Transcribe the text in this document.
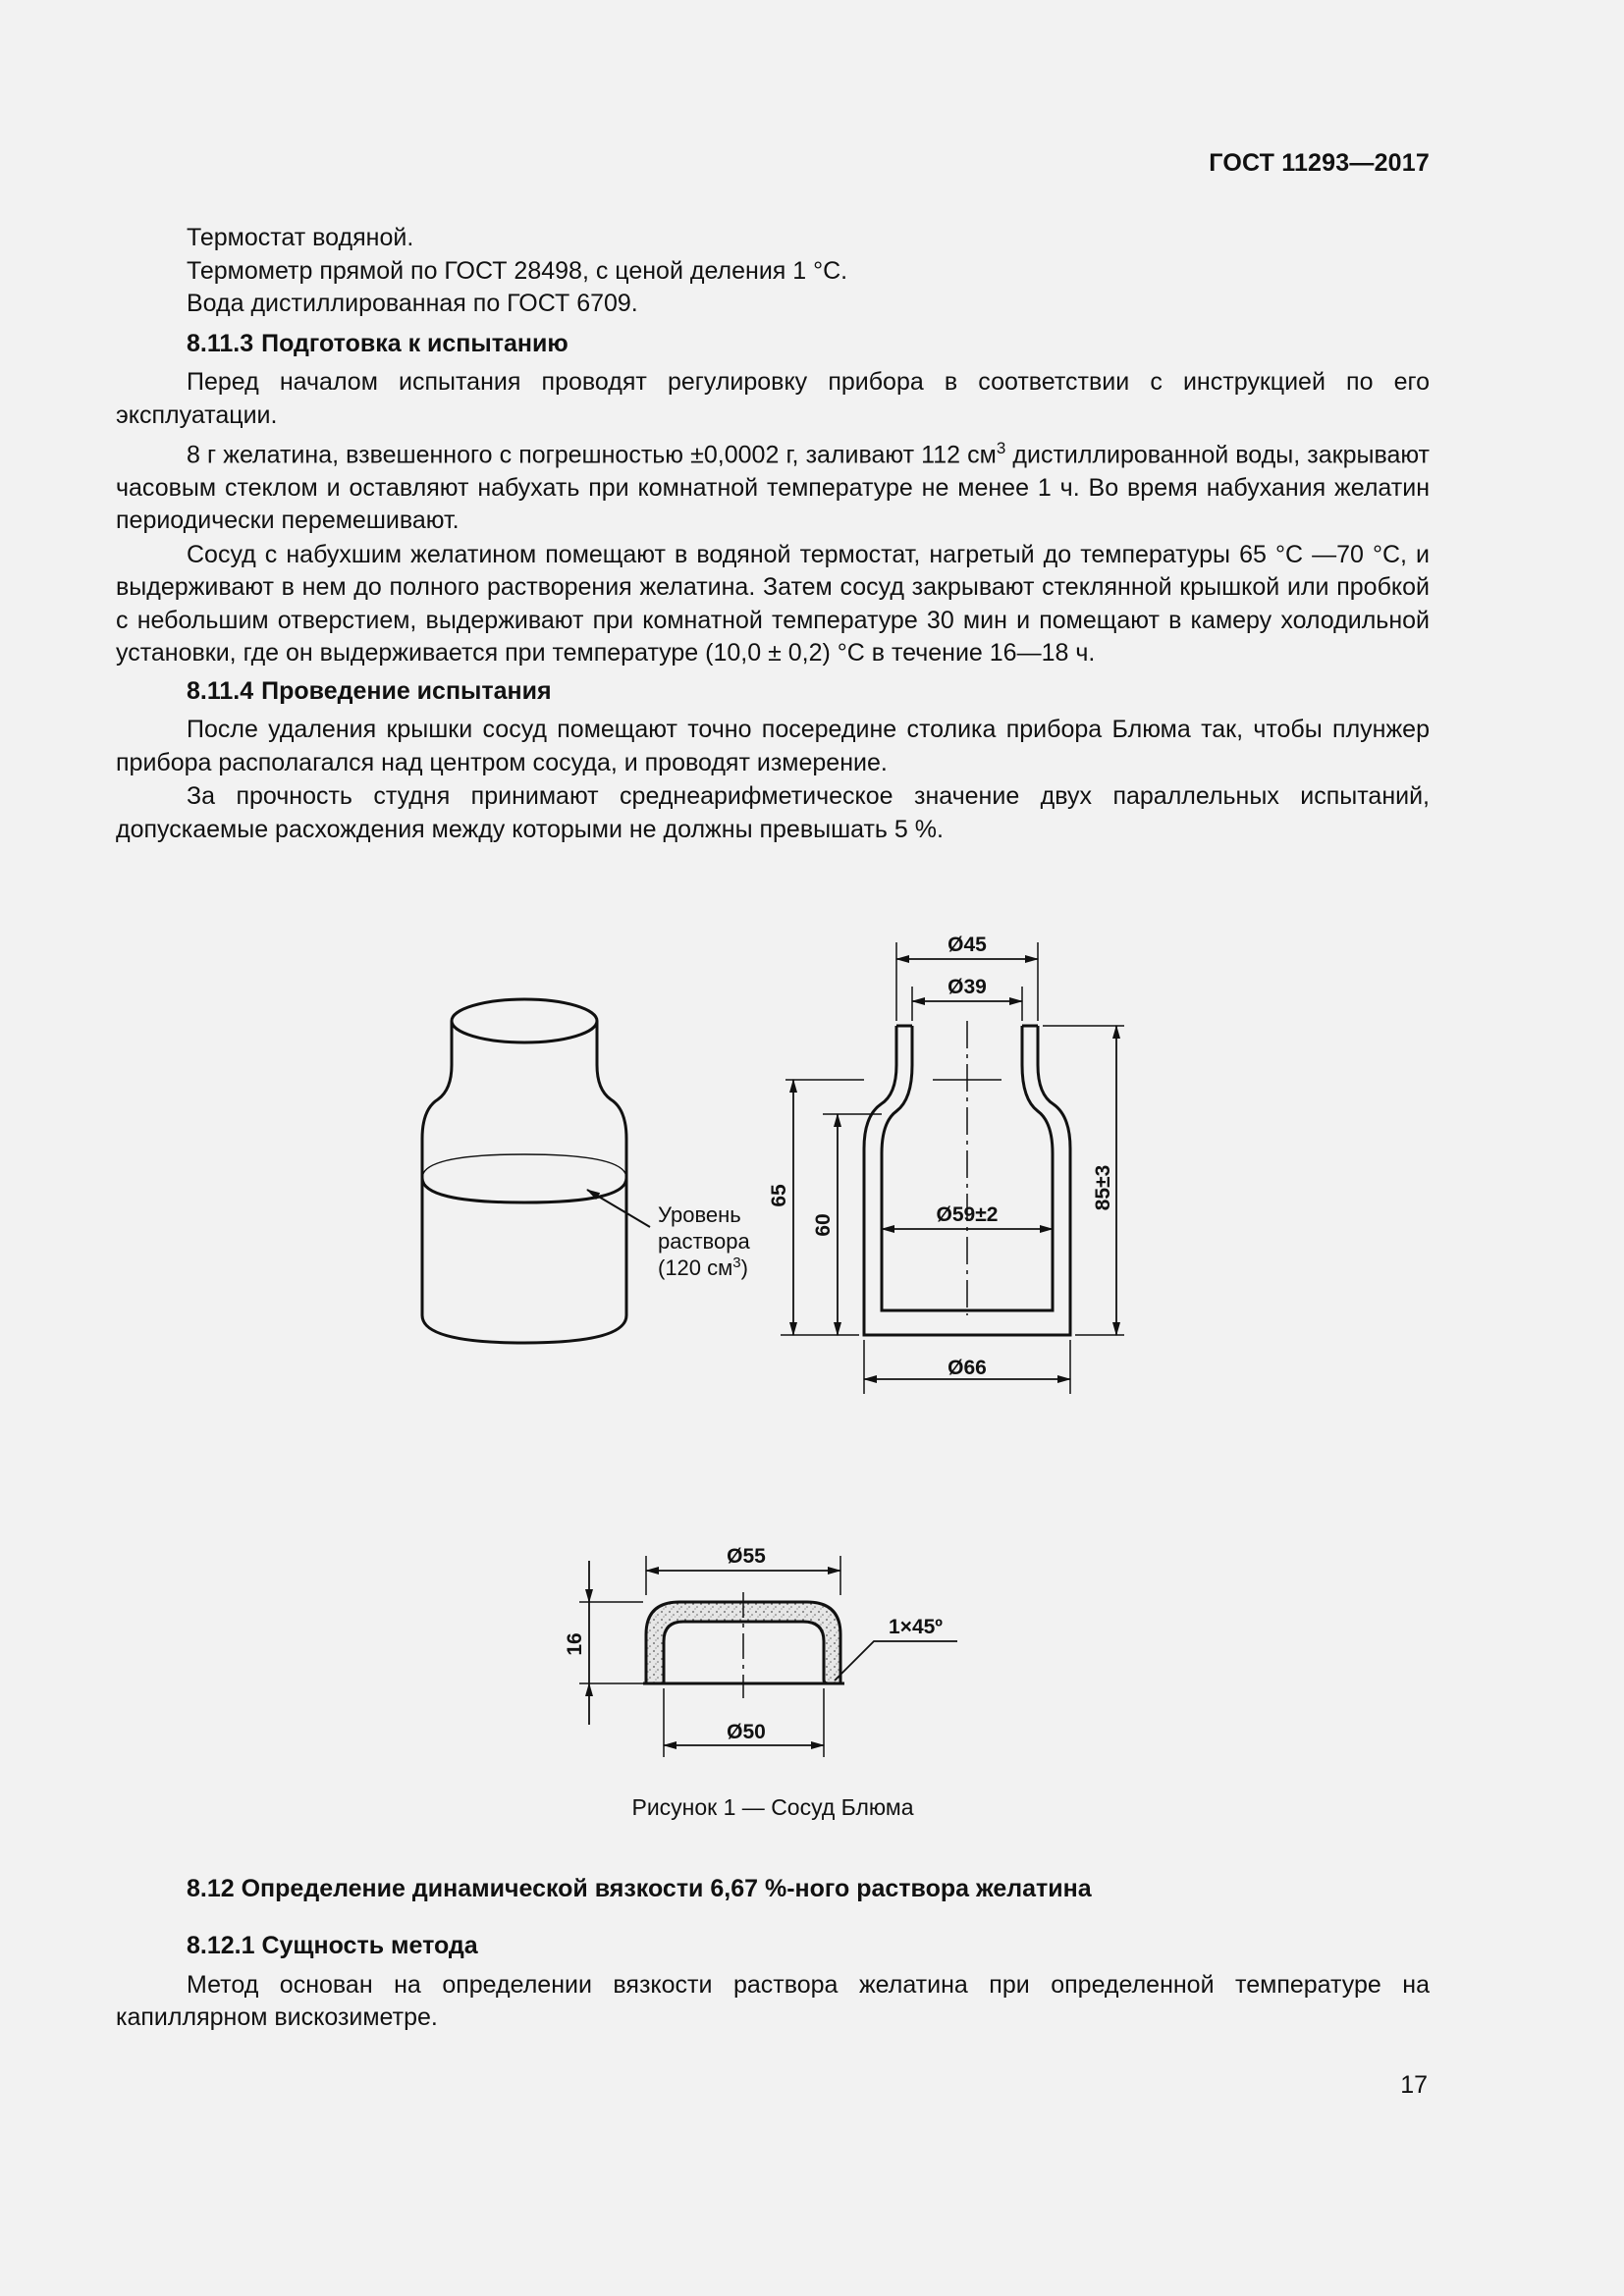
ГОСТ 11293—2017

Термостат водяной.

Термометр прямой по ГОСТ 28498, с ценой деления 1 °С.

Вода дистиллированная по ГОСТ 6709.

8.11.3 Подготовка к испытанию

Перед началом испытания проводят регулировку прибора в соответствии с инструкцией по его эксплуатации.

8 г желатина, взвешенного с погрешностью ±0,0002 г, заливают 112 $см^3$ дистиллированной воды, закрывают часовым стеклом и оставляют набухать при комнатной температуре не менее 1 ч. Во время набухания желатин периодически перемешивают.

Сосуд с набухшим желатином помещают в водяной термостат, нагретый до температуры 65 °С —70 °С, и выдерживают в нем до полного растворения желатина. Затем сосуд закрывают стеклянной крышкой или пробкой с небольшим отверстием, выдерживают при комнатной температуре 30 мин и помещают в камеру холодильной установки, где он выдерживается при температуре (10,0 ± 0,2) °С в течение 16—18 ч.

8.11.4 Проведение испытания

После удаления крышки сосуд помещают точно посередине столика прибора Блюма так, чтобы плунжер прибора располагался над центром сосуда, и проводят измерение.

За прочность студня принимают среднеарифметическое значение двух параллельных испытаний, допускаемые расхождения между которыми не должны превышать 5 %.

Уровень
раствора
(120 $см^3$)
Ø45
Ø39
Ø59±2
Ø66
65
60
85±3
Ø55
Ø50
16
1×45º
Рисунок 1 — Сосуд Блюма
8.12 Определение динамической вязкости 6,67 %-ного раствора желатина
8.12.1 Сущность метода

Метод основан на определении вязкости раствора желатина при определенной температуре на капиллярном вискозиметре.

17
